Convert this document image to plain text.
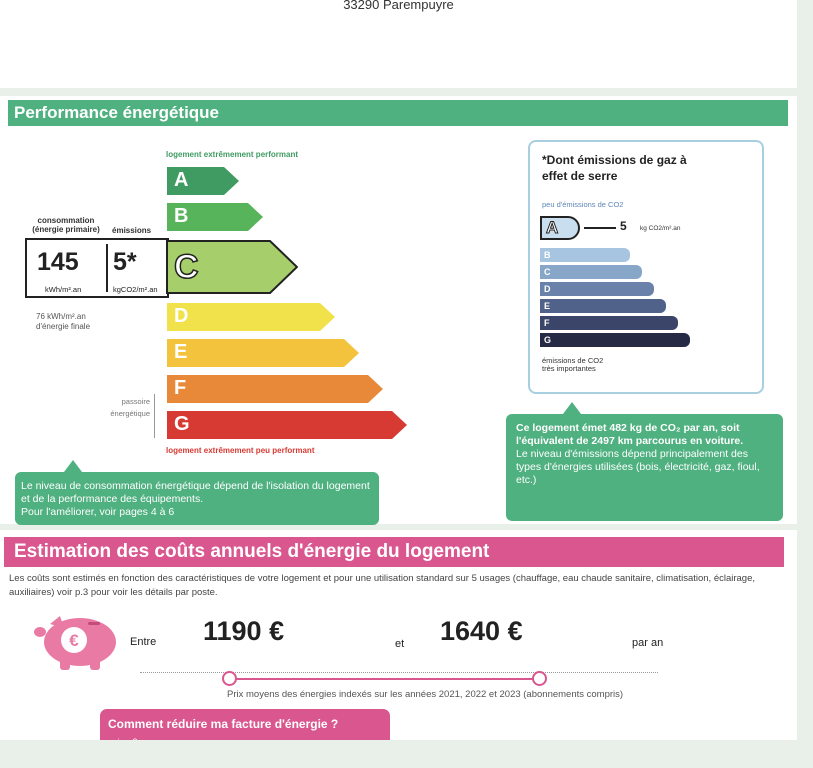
33290 Parempuyre
Performance énergétique
logement extrêmement performant
logement extrêmement peu performant
consommation
(énergie primaire)	émissions
145
kWh/m².an
5*
kgCO2/m².an
76 kWh/m².an
d'énergie finale
passoire
énergétique
A
B
C
D
E
F
G
Le niveau de consommation énergétique dépend de l'isolation du logement et de la performance des équipements.
Pour l'améliorer, voir pages 4 à 6
*Dont émissions de gaz à effet de serre
peu d'émissions de CO2
émissions de CO2
très importantes
A
B
C
D
E
F
G
5 kg CO2/m².an
Ce logement émet 482 kg de CO₂ par an, soit l'équivalent de 2497 km parcourus en voiture.
Le niveau d'émissions dépend principalement des types d'énergies utilisées (bois, électricité, gaz, fioul, etc.)
Estimation des coûts annuels d'énergie du logement
Les coûts sont estimés en fonction des caractéristiques de votre logement et pour une utilisation standard sur 5 usages (chauffage, eau chaude sanitaire, climatisation, éclairage, auxiliaires) voir p.3 pour voir les détails par poste.
€	Entre 1190 €	et 1640 €	par an
Prix moyens des énergies indexés sur les années 2021, 2022 et 2023 (abonnements compris)
Comment réduire ma facture d'énergie ?
